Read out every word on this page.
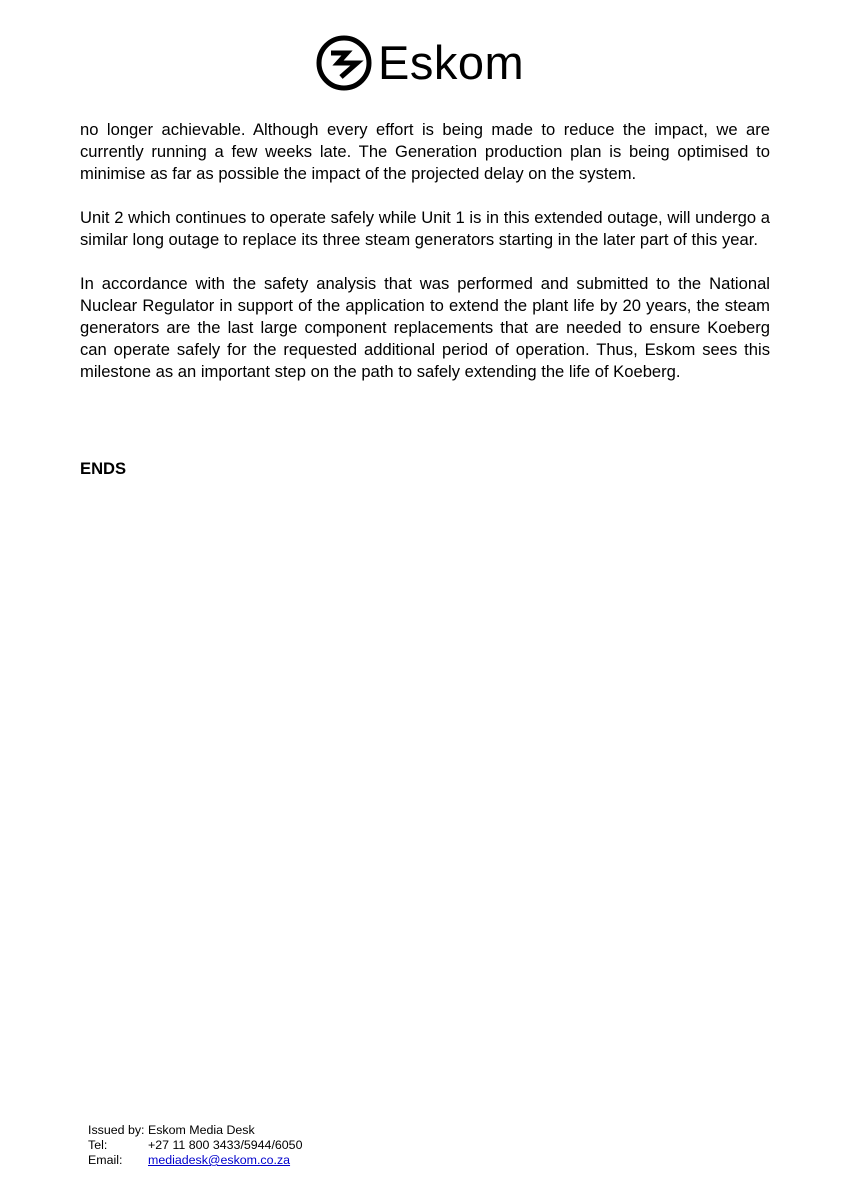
Eskom

no longer achievable. Although every effort is being made to reduce the impact, we are currently running a few weeks late. The Generation production plan is being optimised to minimise as far as possible the impact of the projected delay on the system.

Unit 2 which continues to operate safely while Unit 1 is in this extended outage, will undergo a similar long outage to replace its three steam generators starting in the later part of this year.

In accordance with the safety analysis that was performed and submitted to the National Nuclear Regulator in support of the application to extend the plant life by 20 years, the steam generators are the last large component replacements that are needed to ensure Koeberg can operate safely for the requested additional period of operation. Thus, Eskom sees this milestone as an important step on the path to safely extending the life of Koeberg.

ENDS
Issued by:
Eskom Media Desk
Tel:	+27 11 800 3433/5944/6050
Email:	mediadesk@eskom.co.za
